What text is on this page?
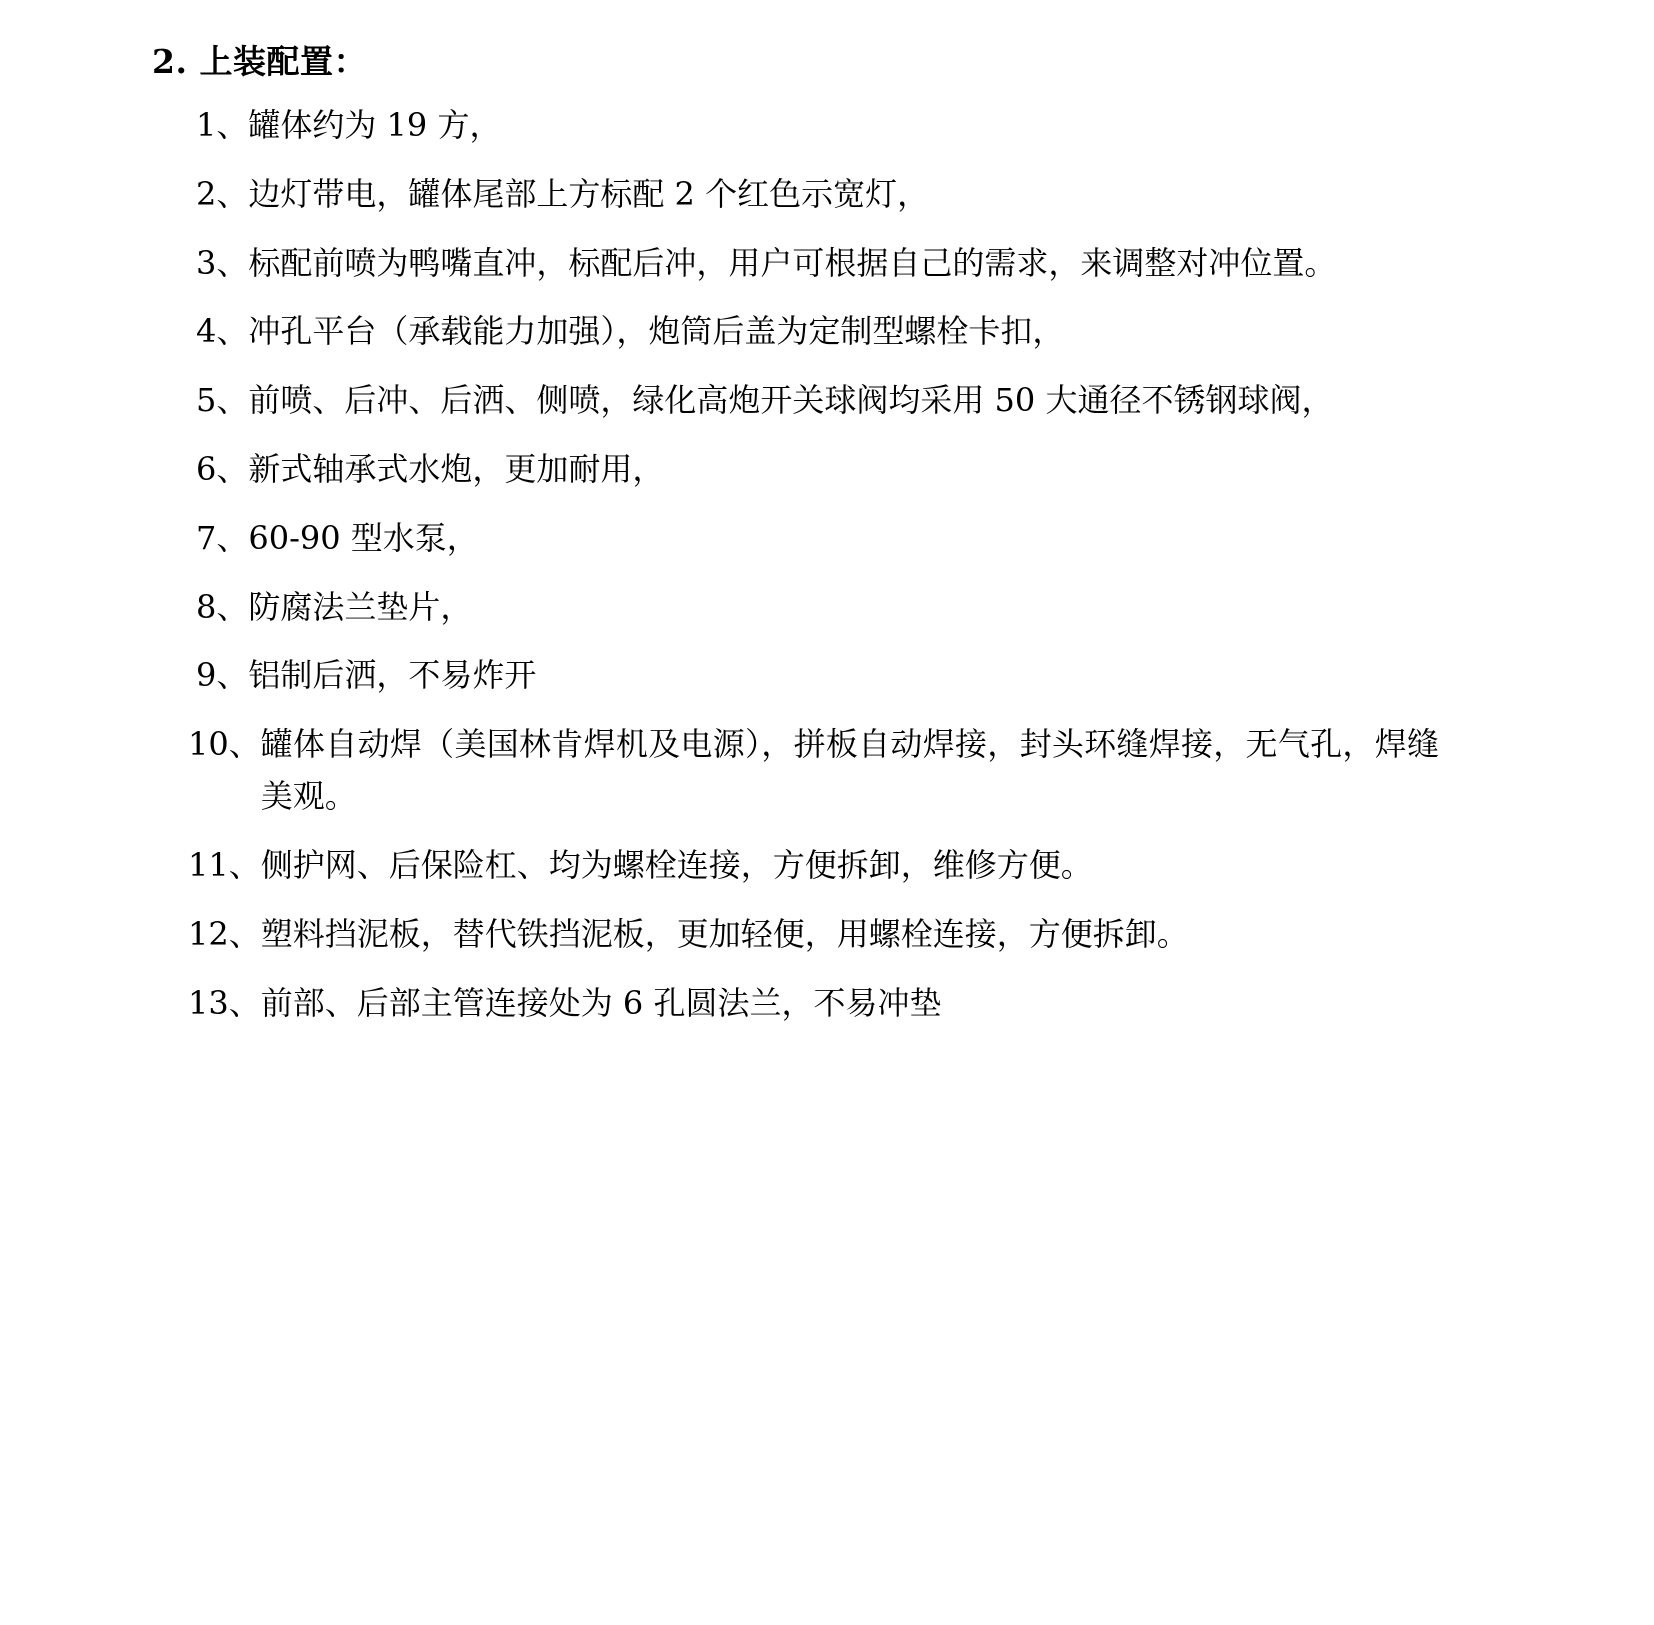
2. 上装配置：
1、 罐体约为 19 方，
2、 边灯带电，罐体尾部上方标配 2 个红色示宽灯，
3、 标配前喷为鸭嘴直冲，标配后冲，用户可根据自己的需求，来调整对冲位置。
4、 冲孔平台（承载能力加强），炮筒后盖为定制型螺栓卡扣，
5、 前喷、后冲、后洒、侧喷，绿化高炮开关球阀均采用 50 大通径不锈钢球阀，
6、 新式轴承式水炮，更加耐用，
7、 60-90 型水泵，
8、 防腐法兰垫片，
9、 铝制后洒，不易炸开
10、 罐体自动焊（美国林肯焊机及电源），拼板自动焊接，封头环缝焊接，无气孔，焊缝美观。
11、 侧护网、后保险杠、均为螺栓连接，方便拆卸，维修方便。
12、 塑料挡泥板，替代铁挡泥板，更加轻便，用螺栓连接，方便拆卸。
13、 前部、后部主管连接处为 6 孔圆法兰，不易冲垫
